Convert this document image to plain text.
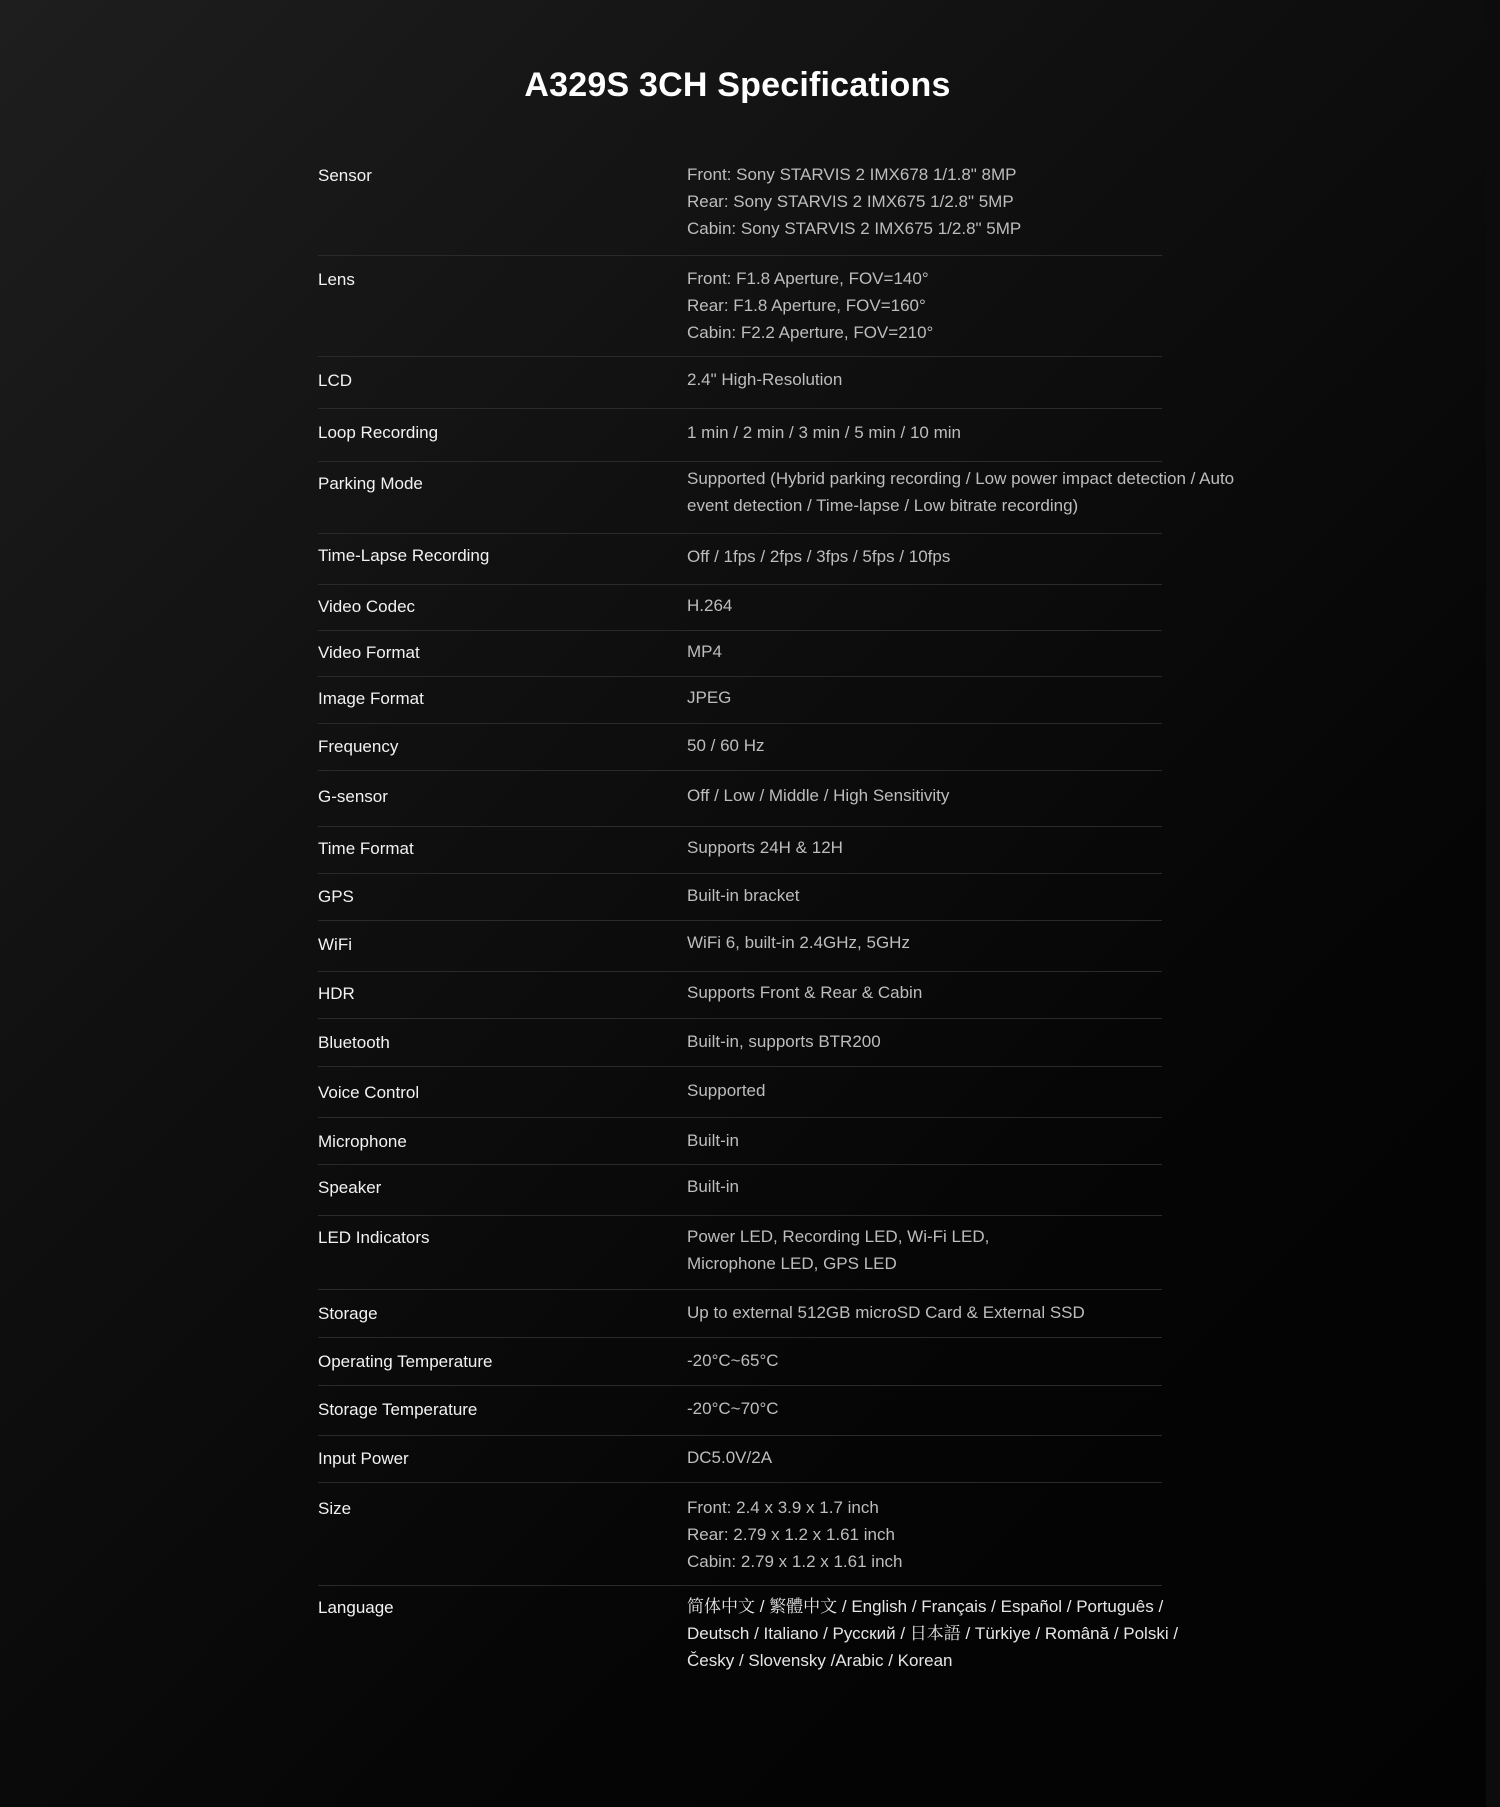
A329S 3CH Specifications
Sensor	Front: Sony STARVIS 2 IMX678 1/1.8" 8MP
Rear: Sony STARVIS 2 IMX675 1/2.8" 5MP
Cabin: Sony STARVIS 2 IMX675 1/2.8" 5MP
Lens	Front: F1.8 Aperture, FOV=140°
Rear: F1.8 Aperture, FOV=160°
Cabin: F2.2 Aperture, FOV=210°
LCD	2.4" High-Resolution
Loop Recording	1 min / 2 min / 3 min / 5 min / 10 min
Parking Mode	Supported (Hybrid parking recording / Low power impact detection / Auto
event detection / Time-lapse / Low bitrate recording)
Time-Lapse Recording	Off / 1fps / 2fps / 3fps / 5fps / 10fps
Video Codec	H.264
Video Format	MP4
Image Format	JPEG
Frequency	50 / 60 Hz
G-sensor	Off / Low / Middle / High Sensitivity
Time Format	Supports 24H & 12H
GPS	Built-in bracket
WiFi	WiFi 6, built-in 2.4GHz, 5GHz
HDR	Supports Front & Rear & Cabin
Bluetooth	Built-in, supports BTR200
Voice Control	Supported
Microphone	Built-in
Speaker	Built-in
LED Indicators	Power LED, Recording LED, Wi-Fi LED,
Microphone LED, GPS LED
Storage	Up to external 512GB microSD Card & External SSD
Operating Temperature	-20°C~65°C
Storage Temperature	-20°C~70°C
Input Power	DC5.0V/2A
Size	Front: 2.4 x 3.9 x 1.7 inch
Rear: 2.79 x 1.2 x 1.61 inch
Cabin: 2.79 x 1.2 x 1.61 inch
Language	简体中文 / 繁體中文 / English / Français / Español / Português /
Deutsch / Italiano / Русский / 日本語 / Türkiye / Română / Polski /
Česky / Slovensky /Arabic / Korean
